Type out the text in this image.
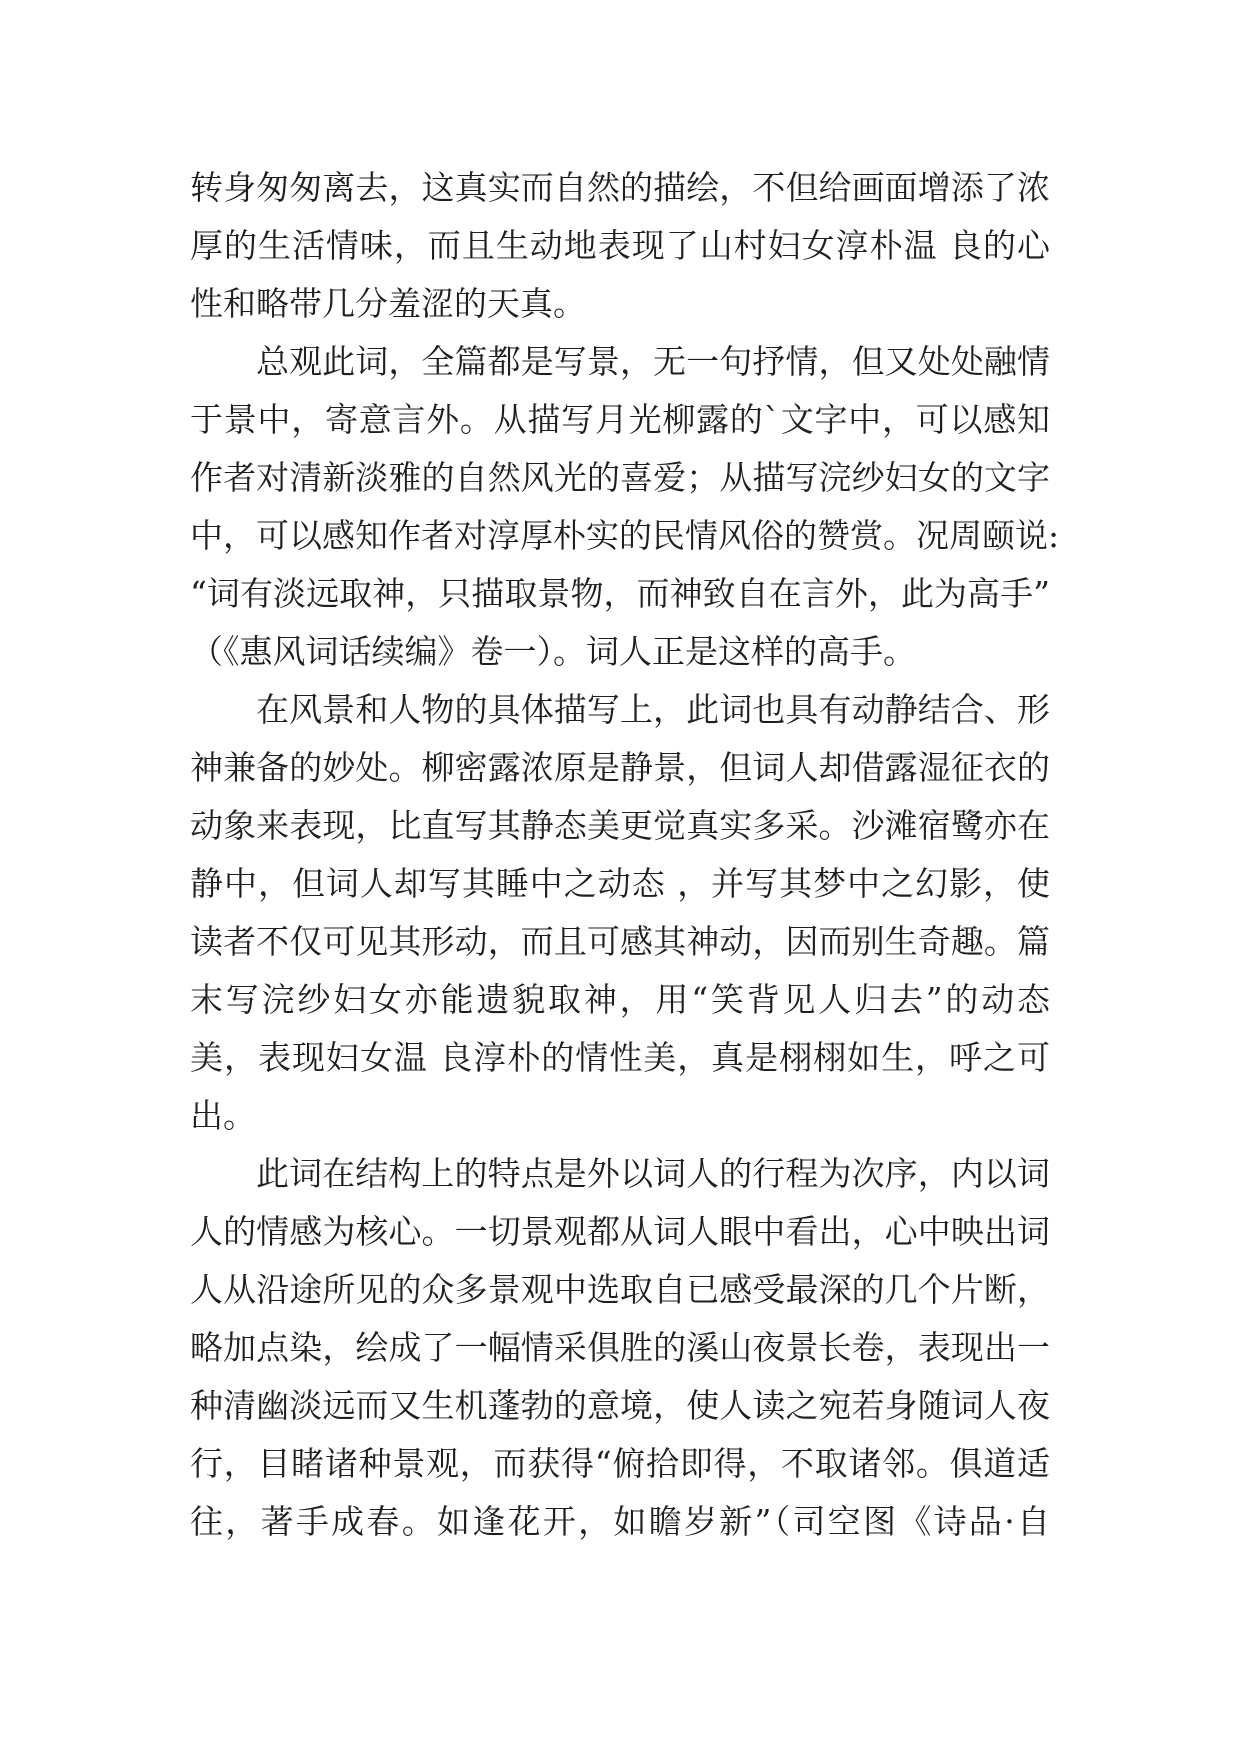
转身匆匆离去，这真实而自然的描绘，不但给画面增添了浓

厚的生活情味，而且生动地表现了山村妇女淳朴温 良的心

性和略带几分羞涩的天真。

总观此词，全篇都是写景，无一句抒情，但又处处融情

于景中，寄意言外。从描写月光柳露的`文字中，可以感知

作者对清新淡雅的自然风光的喜爱；从描写浣纱妇女的文字

中，可以感知作者对淳厚朴实的民情风俗的赞赏。况周颐说:

“词有淡远取神，只描取景物，而神致自在言外，此为高手”

（《惠风词话续编》卷一）。词人正是这样的高手。

在风景和人物的具体描写上，此词也具有动静结合、形

神兼备的妙处。柳密露浓原是静景，但词人却借露湿征衣的

动象来表现，比直写其静态美更觉真实多采。沙滩宿鹭亦在

静中，但词人却写其睡中之动态 ，并写其梦中之幻影，使

读者不仅可见其形动，而且可感其神动，因而别生奇趣。篇

末写浣纱妇女亦能遗貌取神，用“笑背见人归去”的动态

美，表现妇女温 良淳朴的情性美，真是栩栩如生，呼之可

出。

此词在结构上的特点是外以词人的行程为次序，内以词

人的情感为核心。一切景观都从词人眼中看出，心中映出词

人从沿途所见的众多景观中选取自已感受最深的几个片断，

略加点染，绘成了一幅情采俱胜的溪山夜景长卷，表现出一

种清幽淡远而又生机蓬勃的意境，使人读之宛若身随词人夜

行，目睹诸种景观，而获得“俯拾即得，不取诸邻。俱道适

往，著手成春。如逢花开，如瞻岁新”（司空图《诗品·自
